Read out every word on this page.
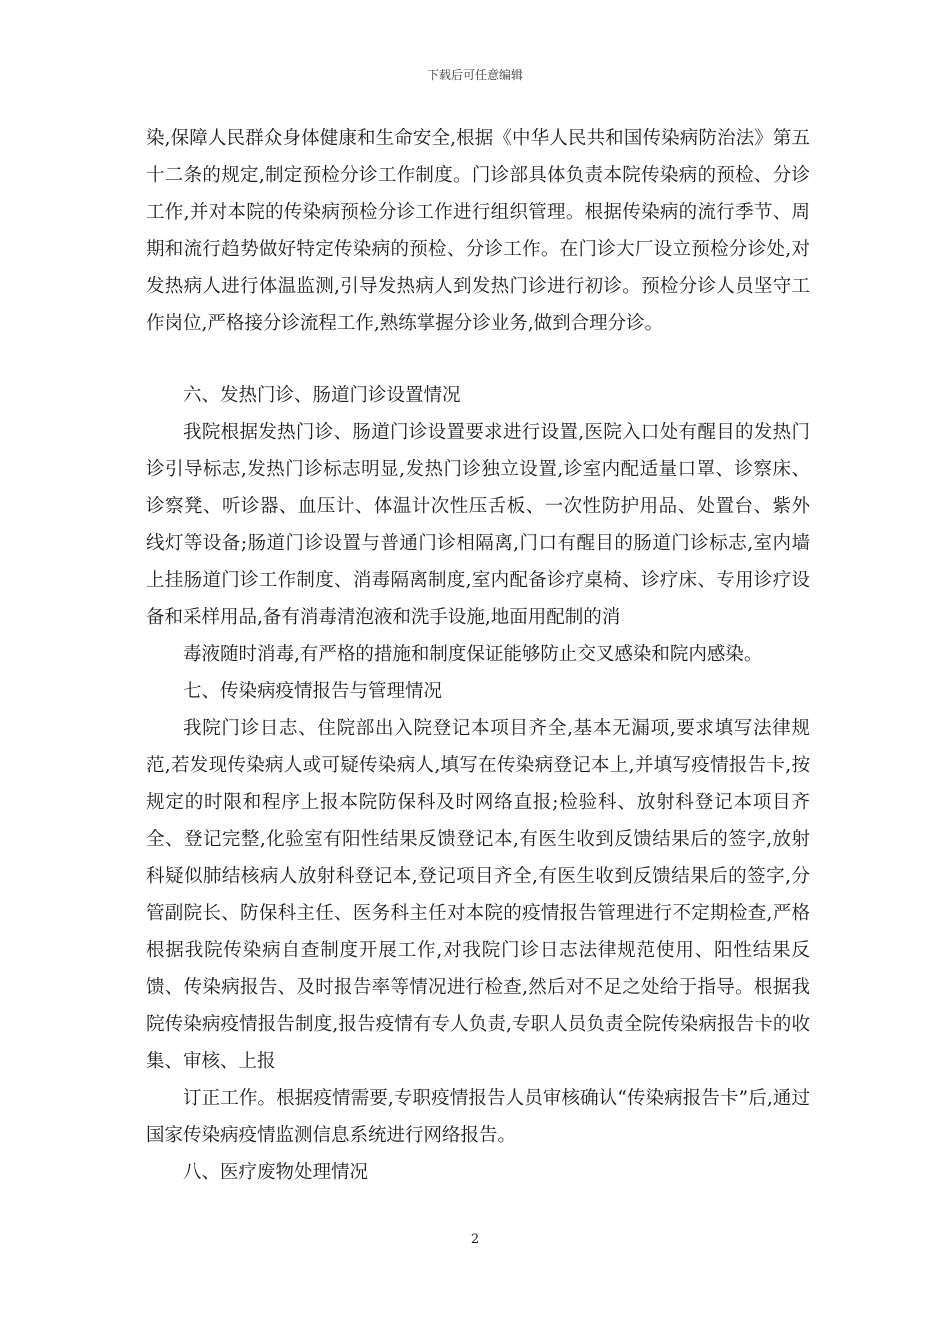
下载后可任意编辑

染,保障人民群众身体健康和生命安全,根据《中华人民共和国传染病防治法》第五十二条的规定,制定预检分诊工作制度。门诊部具体负责本院传染病的预检、分诊工作,并对本院的传染病预检分诊工作进行组织管理。根据传染病的流行季节、周期和流行趋势做好特定传染病的预检、分诊工作。在门诊大厂设立预检分诊处,对发热病人进行体温监测,引导发热病人到发热门诊进行初诊。预检分诊人员坚守工作岗位,严格接分诊流程工作,熟练掌握分诊业务,做到合理分诊。

六、发热门诊、肠道门诊设置情况

我院根据发热门诊、肠道门诊设置要求进行设置,医院入口处有醒目的发热门诊引导标志,发热门诊标志明显,发热门诊独立设置,诊室内配适量口罩、诊察床、诊察凳、听诊器、血压计、体温计次性压舌板、一次性防护用品、处置台、紫外线灯等设备;肠道门诊设置与普通门诊相隔离,门口有醒目的肠道门诊标志,室内墙上挂肠道门诊工作制度、消毒隔离制度,室内配备诊疗桌椅、诊疗床、专用诊疗设备和采样用品,备有消毒清泡液和洗手设施,地面用配制的消

毒液随时消毒,有严格的措施和制度保证能够防止交叉感染和院内感染。

七、传染病疫情报告与管理情况

我院门诊日志、住院部出入院登记本项目齐全,基本无漏项,要求填写法律规范,若发现传染病人或可疑传染病人,填写在传染病登记本上,并填写疫情报告卡,按规定的时限和程序上报本院防保科及时网络直报;检验科、放射科登记本项目齐全、登记完整,化验室有阳性结果反馈登记本,有医生收到反馈结果后的签字,放射科疑似肺结核病人放射科登记本,登记项目齐全,有医生收到反馈结果后的签字,分管副院长、防保科主任、医务科主任对本院的疫情报告管理进行不定期检查,严格根据我院传染病自查制度开展工作,对我院门诊日志法律规范使用、阳性结果反馈、传染病报告、及时报告率等情况进行检查,然后对不足之处给于指导。根据我院传染病疫情报告制度,报告疫情有专人负责,专职人员负责全院传染病报告卡的收集、审核、上报

订正工作。根据疫情需要,专职疫情报告人员审核确认“传染病报告卡”后,通过国家传染病疫情监测信息系统进行网络报告。

八、医疗废物处理情况

2
